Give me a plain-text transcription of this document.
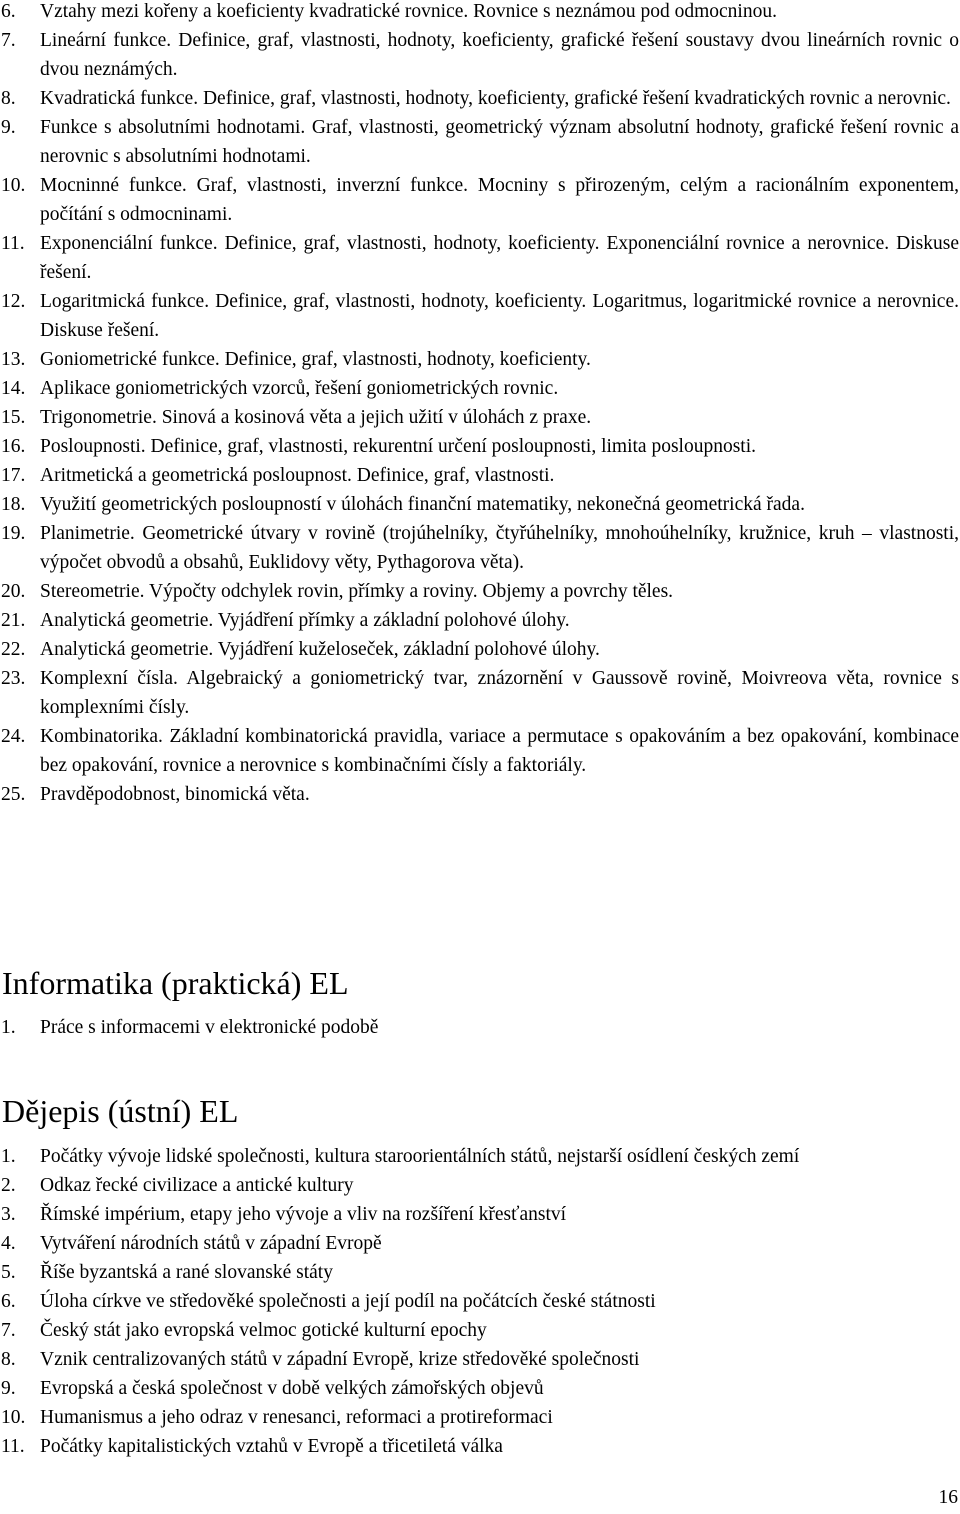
6. Vztahy mezi kořeny a koeficienty kvadratické rovnice. Rovnice s neznámou pod odmocninou.
7. Lineární funkce. Definice, graf, vlastnosti, hodnoty, koeficienty, grafické řešení soustavy dvou lineárních rovnic o dvou neznámých.
8. Kvadratická funkce. Definice, graf, vlastnosti, hodnoty, koeficienty, grafické řešení kvadratických rovnic a nerovnic.
9. Funkce s absolutními hodnotami. Graf, vlastnosti, geometrický význam absolutní hodnoty, grafické řešení rovnic a nerovnic s absolutními hodnotami.
10. Mocninné funkce. Graf, vlastnosti, inverzní funkce. Mocniny s přirozeným, celým a racionálním exponentem, počítání s odmocninami.
11. Exponenciální funkce. Definice, graf, vlastnosti, hodnoty, koeficienty. Exponenciální rovnice a nerovnice. Diskuse řešení.
12. Logaritmická funkce. Definice, graf, vlastnosti, hodnoty, koeficienty. Logaritmus, logaritmické rovnice a nerovnice. Diskuse řešení.
13. Goniometrické funkce. Definice, graf, vlastnosti, hodnoty, koeficienty.
14. Aplikace goniometrických vzorců, řešení goniometrických rovnic.
15. Trigonometrie. Sinová a kosinová věta a jejich užití v úlohách z praxe.
16. Posloupnosti. Definice, graf, vlastnosti, rekurentní určení posloupnosti, limita posloupnosti.
17. Aritmetická a geometrická posloupnost. Definice, graf, vlastnosti.
18. Využití geometrických posloupností v úlohách finanční matematiky, nekonečná geometrická řada.
19. Planimetrie. Geometrické útvary v rovině (trojúhelníky, čtyřúhelníky, mnohoúhelníky, kružnice, kruh – vlastnosti, výpočet obvodů a obsahů, Euklidovy věty, Pythagorova věta).
20. Stereometrie. Výpočty odchylek rovin, přímky a roviny. Objemy a povrchy těles.
21. Analytická geometrie. Vyjádření přímky a základní polohové úlohy.
22. Analytická geometrie. Vyjádření kuželoseček, základní polohové úlohy.
23. Komplexní čísla. Algebraický a goniometrický tvar, znázornění v Gaussově rovině, Moivreova věta, rovnice s komplexními čísly.
24. Kombinatorika. Základní kombinatorická pravidla, variace a permutace s opakováním a bez opakování, kombinace bez opakování, rovnice a nerovnice s kombinačními čísly a faktoriály.
25. Pravděpodobnost, binomická věta.
Informatika (praktická) EL
1. Práce s informacemi v elektronické podobě
Dějepis (ústní) EL
1. Počátky vývoje lidské společnosti, kultura staroorientálních států, nejstarší osídlení českých zemí
2. Odkaz řecké civilizace a antické kultury
3. Římské impérium, etapy jeho vývoje a vliv na rozšíření křesťanství
4. Vytváření národních států v západní Evropě
5. Říše byzantská a rané slovanské státy
6. Úloha církve ve středověké společnosti a její podíl na počátcích české státnosti
7. Český stát jako evropská velmoc gotické kulturní epochy
8. Vznik centralizovaných států v západní Evropě, krize středověké společnosti
9. Evropská a česká společnost v době velkých zámořských objevů
10. Humanismus a jeho odraz v renesanci, reformaci a protireformaci
11. Počátky kapitalistických vztahů v Evropě a třicetiletá válka
16
